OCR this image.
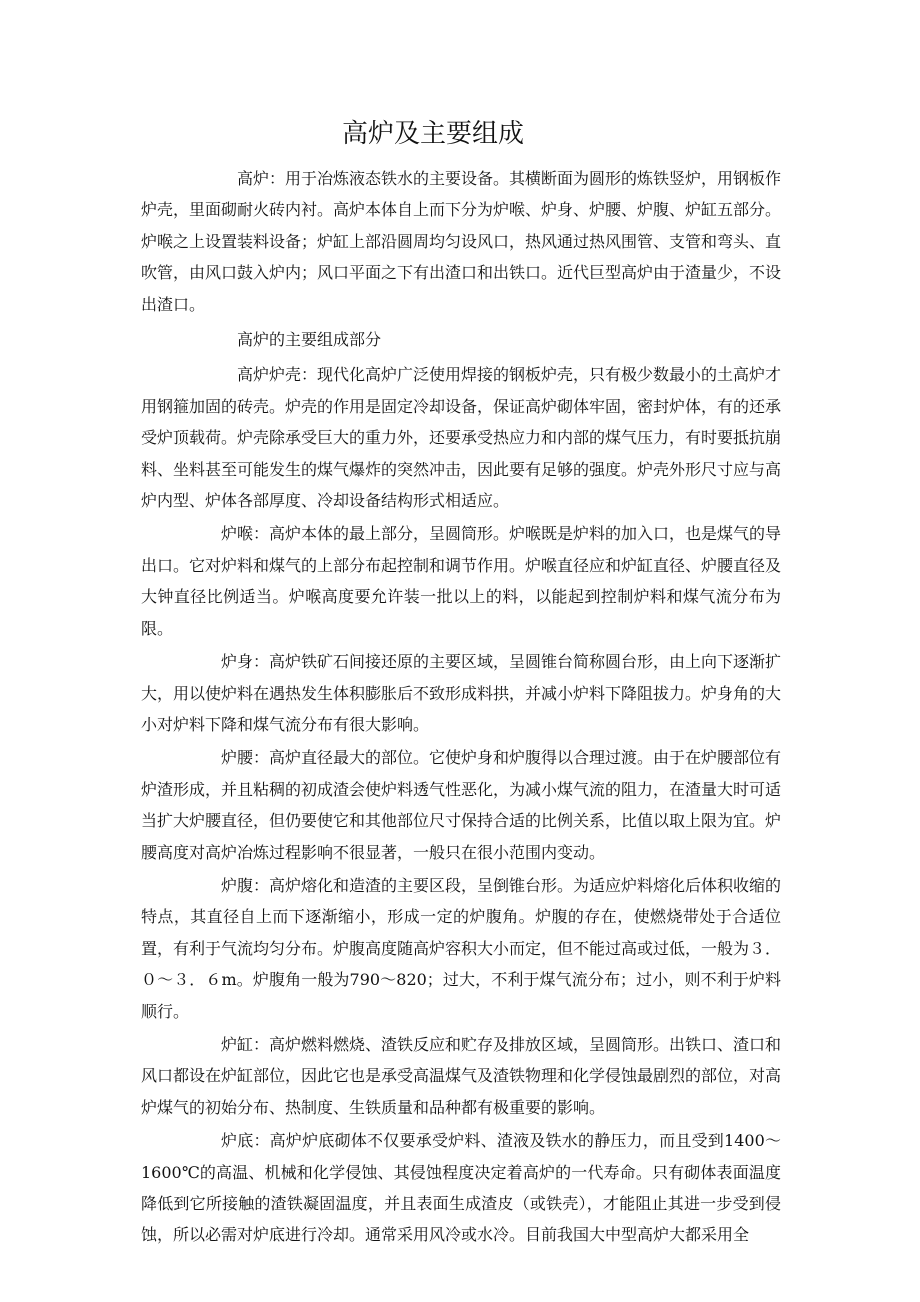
高炉及主要组成

高炉：用于冶炼液态铁水的主要设备。其横断面为圆形的炼铁竖炉，用钢板作炉壳，里面砌耐火砖内衬。高炉本体自上而下分为炉喉、炉身、炉腰、炉腹、炉缸五部分。炉喉之上设置装料设备；炉缸上部沿圆周均匀设风口，热风通过热风围管、支管和弯头、直吹管，由风口鼓入炉内；风口平面之下有出渣口和出铁口。近代巨型高炉由于渣量少，不设出渣口。

高炉的主要组成部分

高炉炉壳：现代化高炉广泛使用焊接的钢板炉壳，只有极少数最小的土高炉才用钢箍加固的砖壳。炉壳的作用是固定冷却设备，保证高炉砌体牢固，密封炉体，有的还承受炉顶载荷。炉壳除承受巨大的重力外，还要承受热应力和内部的煤气压力，有时要抵抗崩料、坐料甚至可能发生的煤气爆炸的突然冲击，因此要有足够的强度。炉壳外形尺寸应与高炉内型、炉体各部厚度、冷却设备结构形式相适应。

炉喉：高炉本体的最上部分，呈圆筒形。炉喉既是炉料的加入口，也是煤气的导出口。它对炉料和煤气的上部分布起控制和调节作用。炉喉直径应和炉缸直径、炉腰直径及大钟直径比例适当。炉喉高度要允许装一批以上的料，以能起到控制炉料和煤气流分布为限。

炉身：高炉铁矿石间接还原的主要区域，呈圆锥台简称圆台形，由上向下逐渐扩大，用以使炉料在遇热发生体积膨胀后不致形成料拱，并减小炉料下降阻拔力。炉身角的大小对炉料下降和煤气流分布有很大影响。

炉腰：高炉直径最大的部位。它使炉身和炉腹得以合理过渡。由于在炉腰部位有炉渣形成，并且粘稠的初成渣会使炉料透气性恶化，为减小煤气流的阻力，在渣量大时可适当扩大炉腰直径，但仍要使它和其他部位尺寸保持合适的比例关系，比值以取上限为宜。炉腰高度对高炉冶炼过程影响不很显著，一般只在很小范围内变动。

炉腹：高炉熔化和造渣的主要区段，呈倒锥台形。为适应炉料熔化后体积收缩的特点，其直径自上而下逐渐缩小，形成一定的炉腹角。炉腹的存在，使燃烧带处于合适位置，有利于气流均匀分布。炉腹高度随高炉容积大小而定，但不能过高或过低，一般为３．０～３．６m。炉腹角一般为790～820；过大，不利于煤气流分布；过小，则不利于炉料顺行。

炉缸：高炉燃料燃烧、渣铁反应和贮存及排放区域，呈圆筒形。出铁口、渣口和风口都设在炉缸部位，因此它也是承受高温煤气及渣铁物理和化学侵蚀最剧烈的部位，对高炉煤气的初始分布、热制度、生铁质量和品种都有极重要的影响。

炉底：高炉炉底砌体不仅要承受炉料、渣液及铁水的静压力，而且受到1400～1600℃的高温、机械和化学侵蚀、其侵蚀程度决定着高炉的一代寿命。只有砌体表面温度降低到它所接触的渣铁凝固温度，并且表面生成渣皮（或铁壳），才能阻止其进一步受到侵蚀，所以必需对炉底进行冷却。通常采用风冷或水冷。目前我国大中型高炉大都采用全
